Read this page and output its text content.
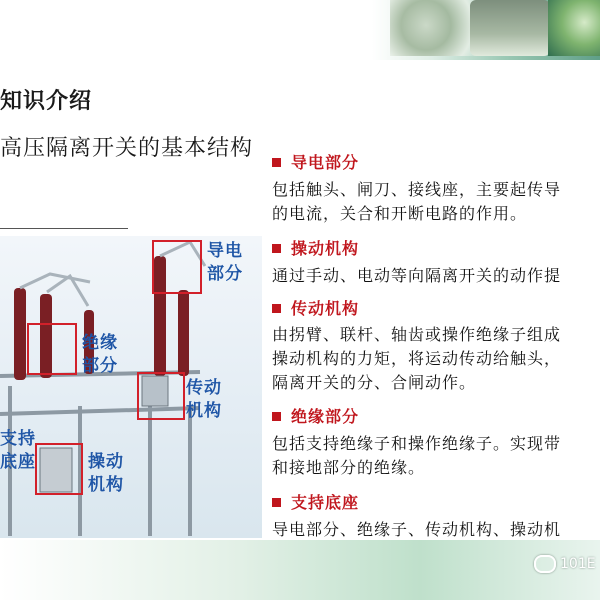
知识介绍
高压隔离开关的基本结构
导电部分
绝缘部分
传动机构
支持底座	操动机构
导电部分
包括触头、闸刀、接线座，主要起传导
的电流，关合和开断电路的作用。
操动机构
通过手动、电动等向隔离开关的动作提
传动机构
由拐臂、联杆、轴齿或操作绝缘子组成
操动机构的力矩，将运动传动给触头，
隔离开关的分、合闸动作。
绝缘部分
包括支持绝缘子和操作绝缘子。实现带
和接地部分的绝缘。
支持底座
导电部分、绝缘子、传动机构、操动机
101E
